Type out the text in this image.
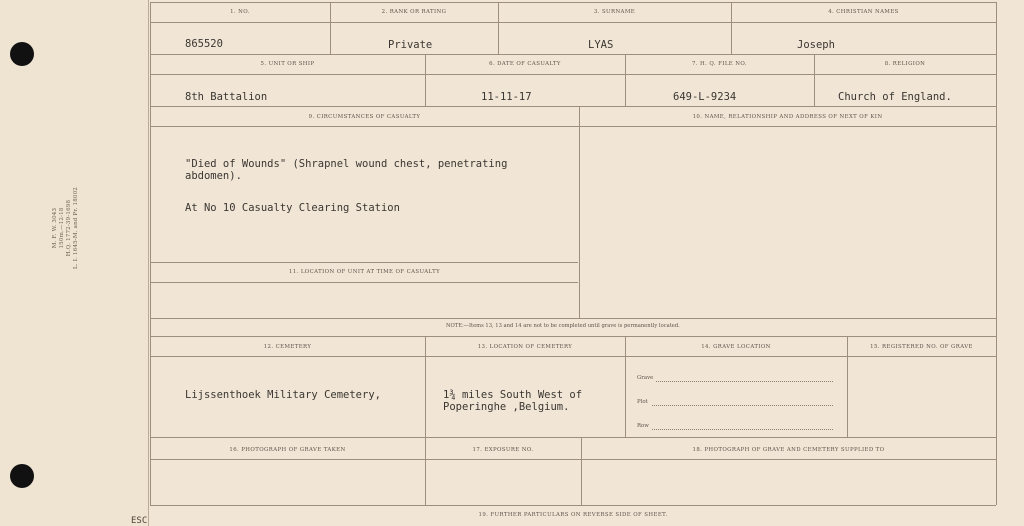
M. F. W. 3043 150m.—12-18 H.Q. 1772-39-1698 L. I. 1645-M. and Pr. 18002
ESC
1. NO.	2. RANK OR RATING	3. SURNAME	4. CHRISTIAN NAMES
865520	Private	LYAS	Joseph
5. UNIT OR SHIP	6. DATE OF CASUALTY	7. H. Q. FILE NO.	8. RELIGION
8th Battalion	11-11-17	649-L-9234	Church of England.
9. CIRCUMSTANCES OF CASUALTY	10. NAME, RELATIONSHIP AND ADDRESS OF NEXT OF KIN
"Died of Wounds" (Shrapnel wound chest, penetrating
abdomen).
At No 10 Casualty Clearing Station
11. LOCATION OF UNIT AT TIME OF CASUALTY
NOTE:—Items 13, 13 and 14 are not to be completed until grave is permanently located.
12. CEMETERY	13. LOCATION OF CEMETERY	14. GRAVE LOCATION	15. REGISTERED NO. OF GRAVE
Lijssenthoek Military Cemetery,	1¾ miles South West of
Poperinghe ,Belgium.
Grave
Plot
Row
16. PHOTOGRAPH OF GRAVE TAKEN	17. EXPOSURE NO.	18. PHOTOGRAPH OF GRAVE AND CEMETERY SUPPLIED TO
19. FURTHER PARTICULARS ON REVERSE SIDE OF SHEET.
